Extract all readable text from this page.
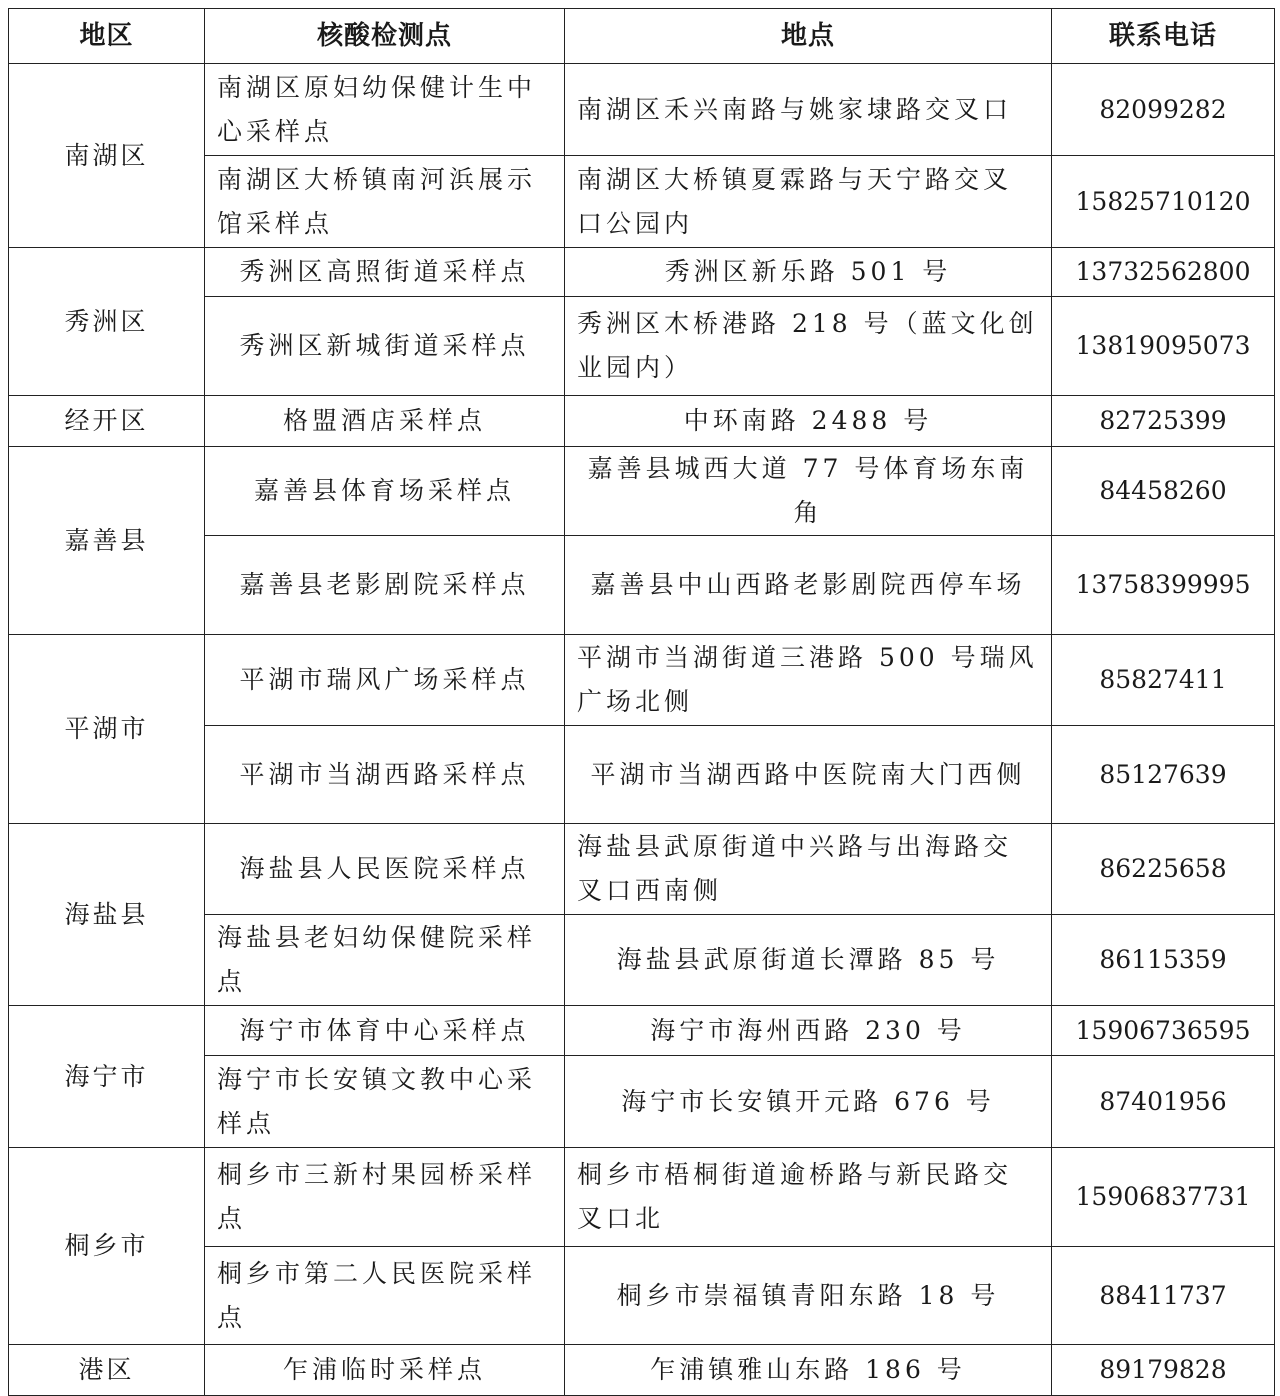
地区	核酸检测点	地点	联系电话
南湖区	南湖区原妇幼保健计生中心采样点	南湖区禾兴南路与姚家埭路交叉口	82099282
	南湖区大桥镇南河浜展示馆采样点	南湖区大桥镇夏霖路与天宁路交叉口公园内	15825710120
秀洲区	秀洲区高照街道采样点	秀洲区新乐路 501 号	13732562800
	秀洲区新城街道采样点	秀洲区木桥港路 218 号（蓝文化创业园内）	13819095073
经开区	格盟酒店采样点	中环南路 2488 号	82725399
嘉善县	嘉善县体育场采样点	嘉善县城西大道 77 号体育场东南角	84458260
	嘉善县老影剧院采样点	嘉善县中山西路老影剧院西停车场	13758399995
平湖市	平湖市瑞风广场采样点	平湖市当湖街道三港路 500 号瑞风广场北侧	85827411
	平湖市当湖西路采样点	平湖市当湖西路中医院南大门西侧	85127639
海盐县	海盐县人民医院采样点	海盐县武原街道中兴路与出海路交叉口西南侧	86225658
	海盐县老妇幼保健院采样点	海盐县武原街道长潭路 85 号	86115359
海宁市	海宁市体育中心采样点	海宁市海州西路 230 号	15906736595
	海宁市长安镇文教中心采样点	海宁市长安镇开元路 676 号	87401956
桐乡市	桐乡市三新村果园桥采样点	桐乡市梧桐街道逾桥路与新民路交叉口北	15906837731
	桐乡市第二人民医院采样点	桐乡市崇福镇青阳东路 18 号	88411737
港区	乍浦临时采样点	乍浦镇雅山东路 186 号	89179828
